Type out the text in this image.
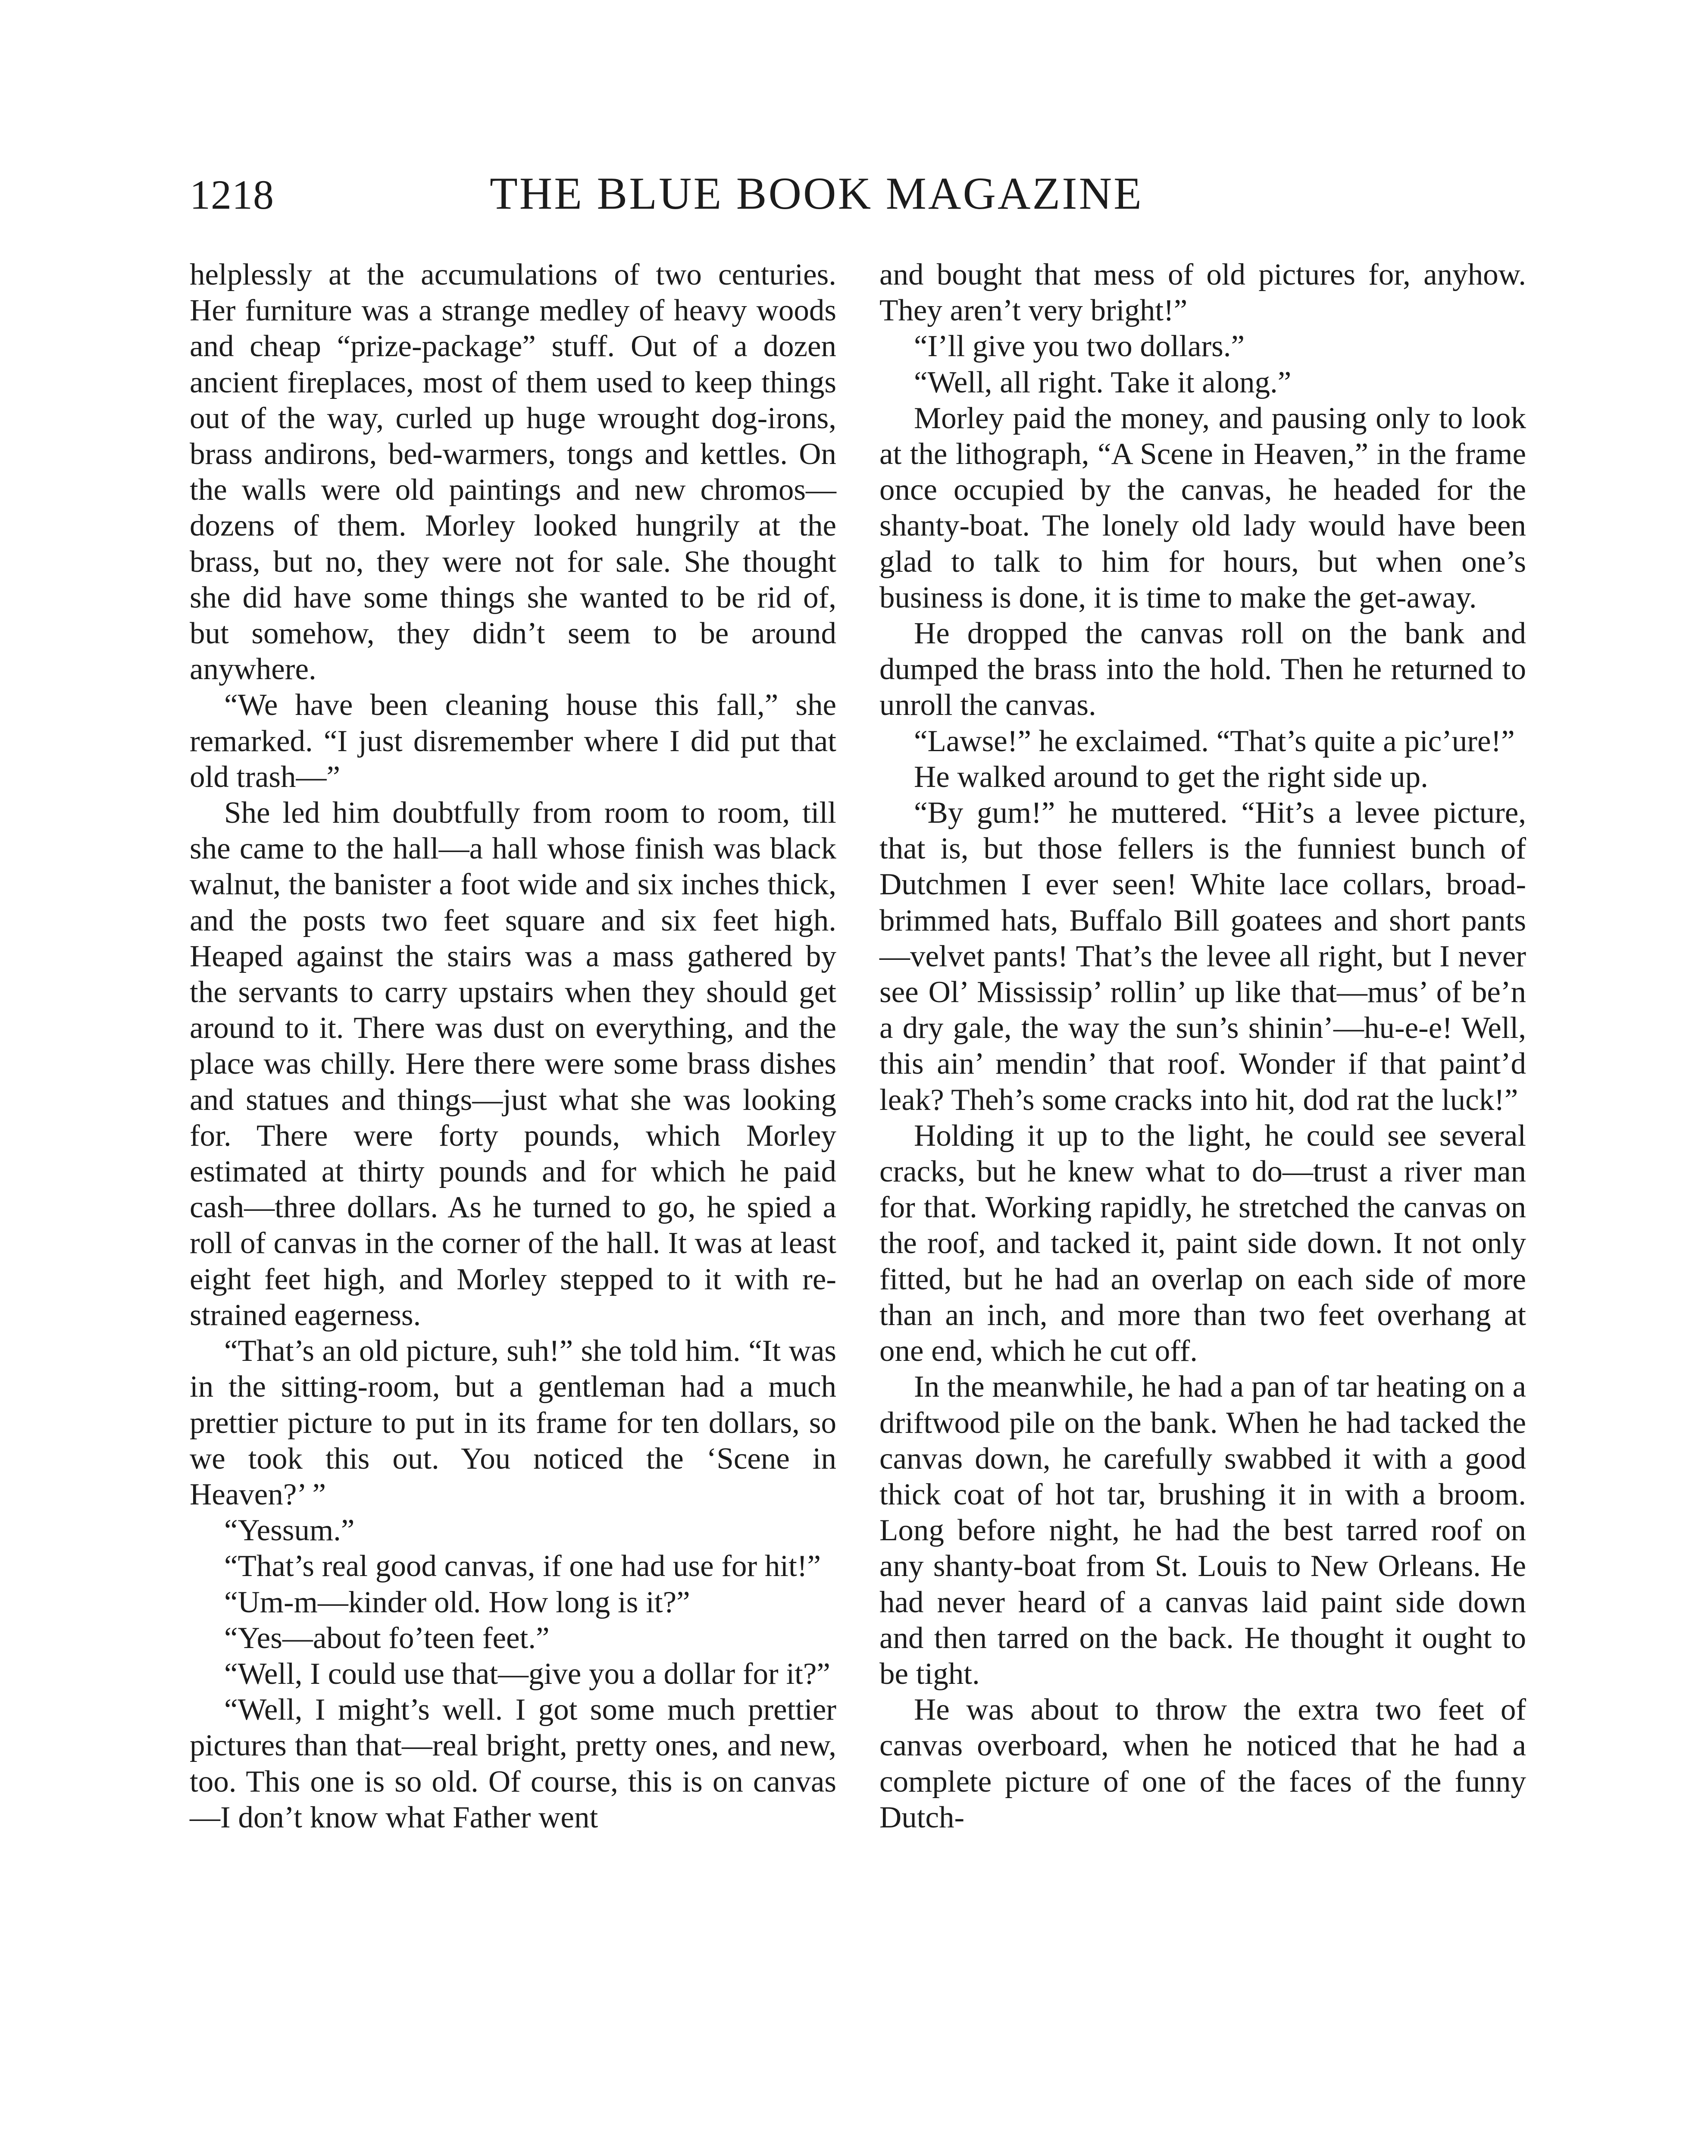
1218	THE BLUE BOOK MAGAZINE

helplessly at the accumulations of two centuries. Her furniture was a strange medley of heavy woods and cheap “prize-package” stuff. Out of a dozen ancient fireplaces, most of them used to keep things out of the way, curled up huge wrought dog-irons, brass andirons, bed-warmers, tongs and kettles. On the walls were old paintings and new chromos—dozens of them. Morley looked hungrily at the brass, but no, they were not for sale. She thought she did have some things she wanted to be rid of, but somehow, they didn’t seem to be around anywhere.

“We have been cleaning house this fall,” she remarked. “I just disremember where I did put that old trash—”

She led him doubtfully from room to room, till she came to the hall—a hall whose finish was black walnut, the banister a foot wide and six inches thick, and the posts two feet square and six feet high. Heaped against the stairs was a mass gathered by the servants to carry upstairs when they should get around to it. There was dust on everything, and the place was chilly. Here there were some brass dishes and statues and things—just what she was looking for. There were forty pounds, which Morley estimated at thirty pounds and for which he paid cash—three dollars. As he turned to go, he spied a roll of canvas in the corner of the hall. It was at least eight feet high, and Morley stepped to it with restrained eagerness.

“That’s an old picture, suh!” she told him. “It was in the sitting-room, but a gentleman had a much prettier picture to put in its frame for ten dollars, so we took this out. You noticed the ‘Scene in Heaven?’ ”

“Yessum.”

“That’s real good canvas, if one had use for hit!”

“Um-m—kinder old. How long is it?”

“Yes—about fo’teen feet.”

“Well, I could use that—give you a dollar for it?”

“Well, I might’s well. I got some much prettier pictures than that—real bright, pretty ones, and new, too. This one is so old. Of course, this is on canvas—I don’t know what Father went

and bought that mess of old pictures for, anyhow. They aren’t very bright!”

“I’ll give you two dollars.”

“Well, all right. Take it along.”

Morley paid the money, and pausing only to look at the lithograph, “A Scene in Heaven,” in the frame once occupied by the canvas, he headed for the shanty-boat. The lonely old lady would have been glad to talk to him for hours, but when one’s business is done, it is time to make the get-away.

He dropped the canvas roll on the bank and dumped the brass into the hold. Then he returned to unroll the canvas.

“Lawse!” he exclaimed. “That’s quite a pic’ure!”

He walked around to get the right side up.

“By gum!” he muttered. “Hit’s a levee picture, that is, but those fellers is the funniest bunch of Dutchmen I ever seen! White lace collars, broadbrimmed hats, Buffalo Bill goatees and short pants—velvet pants! That’s the levee all right, but I never see Ol’ Mississip’ rollin’ up like that—mus’ of be’n a dry gale, the way the sun’s shinin’—hu-e-e! Well, this ain’ mendin’ that roof. Wonder if that paint’d leak? Theh’s some cracks into hit, dod rat the luck!”

Holding it up to the light, he could see several cracks, but he knew what to do—trust a river man for that. Working rapidly, he stretched the canvas on the roof, and tacked it, paint side down. It not only fitted, but he had an overlap on each side of more than an inch, and more than two feet overhang at one end, which he cut off.

In the meanwhile, he had a pan of tar heating on a driftwood pile on the bank. When he had tacked the canvas down, he carefully swabbed it with a good thick coat of hot tar, brushing it in with a broom. Long before night, he had the best tarred roof on any shanty-boat from St. Louis to New Orleans. He had never heard of a canvas laid paint side down and then tarred on the back. He thought it ought to be tight.

He was about to throw the extra two feet of canvas overboard, when he noticed that he had a complete picture of one of the faces of the funny Dutch-
